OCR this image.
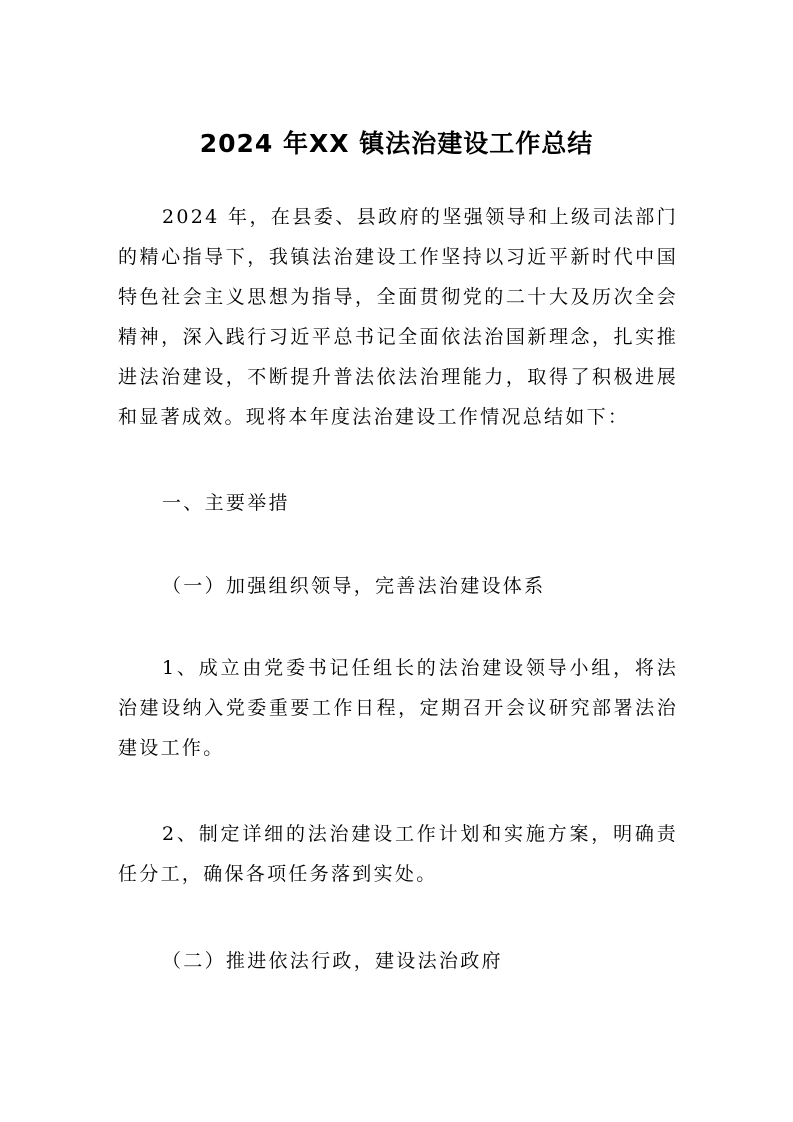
2024 年XX 镇法治建设工作总结

2024 年，在县委、县政府的坚强领导和上级司法部门的精心指导下，我镇法治建设工作坚持以习近平新时代中国特色社会主义思想为指导，全面贯彻党的二十大及历次全会精神，深入践行习近平总书记全面依法治国新理念，扎实推进法治建设，不断提升普法依法治理能力，取得了积极进展和显著成效。现将本年度法治建设工作情况总结如下：

一、主要举措

（一）加强组织领导，完善法治建设体系

1、成立由党委书记任组长的法治建设领导小组，将法治建设纳入党委重要工作日程，定期召开会议研究部署法治建设工作。

2、制定详细的法治建设工作计划和实施方案，明确责任分工，确保各项任务落到实处。

（二）推进依法行政，建设法治政府
